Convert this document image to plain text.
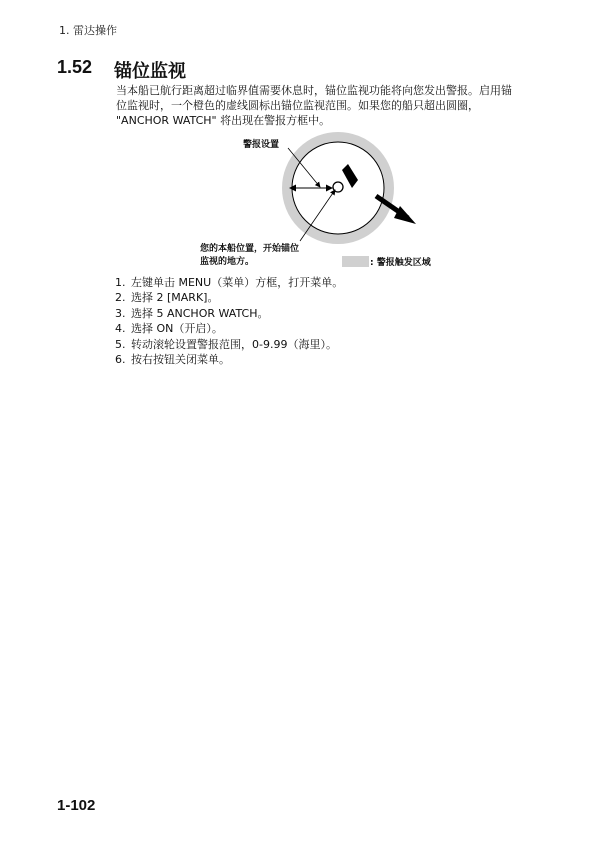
1. 雷达操作
1.52 锚位监视
当本船已航行距离超过临界值需要休息时，锚位监视功能将向您发出警报。启用锚
位监视时，一个橙色的虚线圆标出锚位监视范围。如果您的船只超出圆圈，
"ANCHOR WATCH" 将出现在警报方框中。
警报设置
您的本船位置，开始锚位
监视的地方。	: 警报触发区域
1. 左键单击 MENU（菜单）方框，打开菜单。
2. 选择 2 [MARK]。
3. 选择 5 ANCHOR WATCH。
4. 选择 ON（开启）。
5. 转动滚轮设置警报范围，0-9.99（海里）。
6. 按右按钮关闭菜单。
1-102
